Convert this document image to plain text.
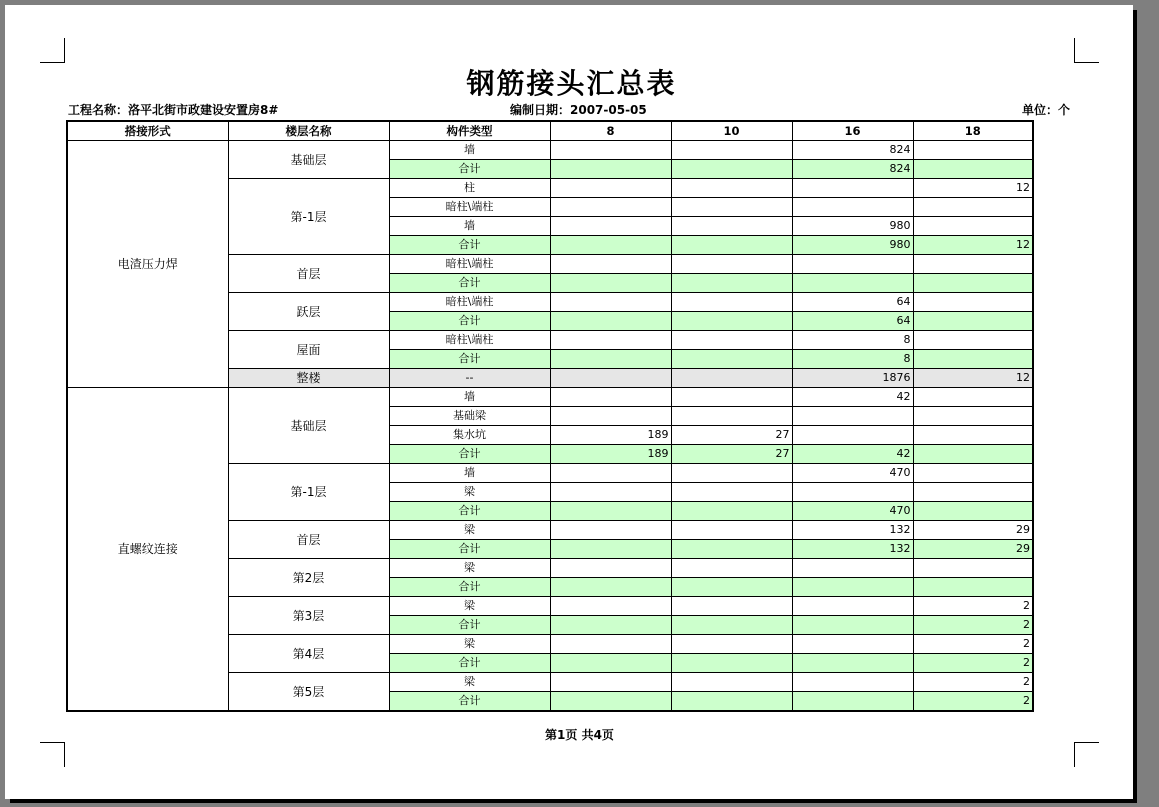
钢筋接头汇总表
工程名称：洛平北街市政建设安置房8#	编制日期：2007-05-05	单位：个
搭接形式	楼层名称	构件类型	8	10	16	18
电渣压力焊	基础层	墙			824	
		合计			824	
	第-1层	柱				12
		暗柱\端柱				
		墙			980	
		合计			980	12
	首层	暗柱\端柱				
		合计				
	跃层	暗柱\端柱			64	
		合计			64	
	屋面	暗柱\端柱			8	
		合计			8	
	整楼	--			1876	12
直螺纹连接	基础层	墙			42	
		基础梁				
		集水坑	189	27		
		合计	189	27	42	
	第-1层	墙			470	
		梁				
		合计			470	
	首层	梁			132	29
		合计			132	29
	第2层	梁				
		合计				
	第3层	梁				2
		合计				2
	第4层	梁				2
		合计				2
	第5层	梁				2
		合计				2
第1页 共4页
